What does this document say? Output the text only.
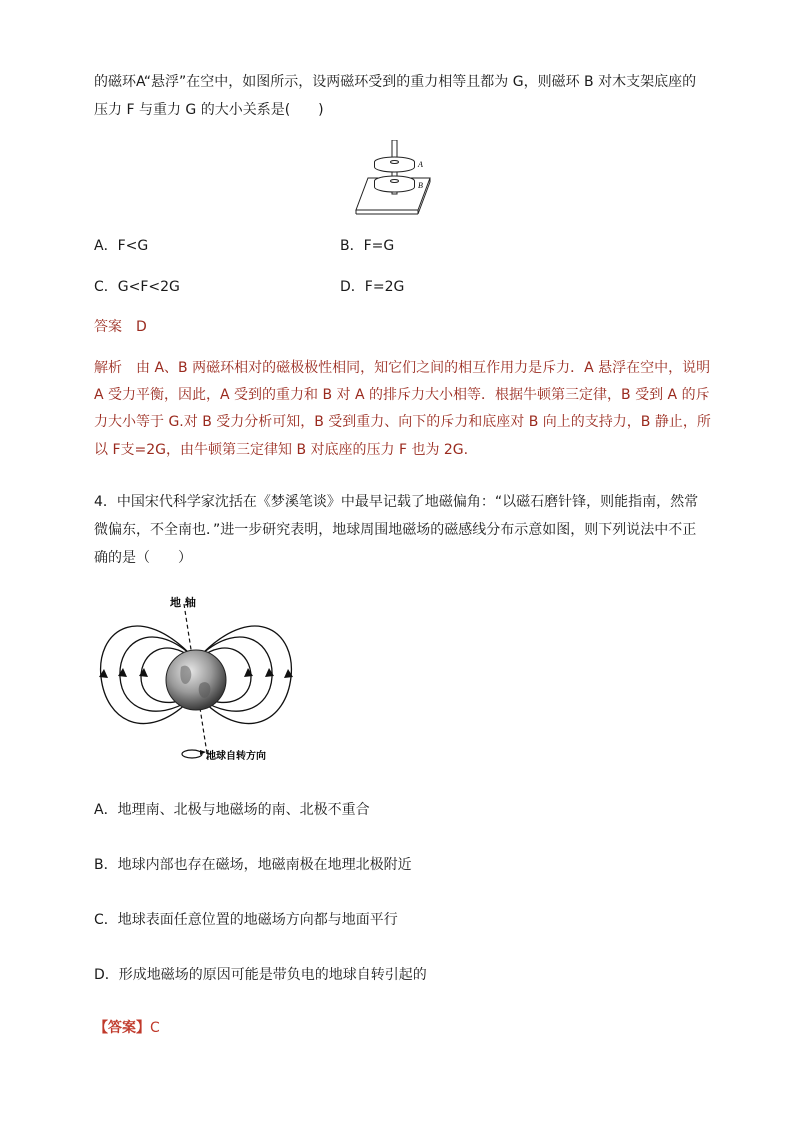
的磁环A“悬浮”在空中，如图所示，设两磁环受到的重力相等且都为 G，则磁环 B 对木支架底座的
压力 F 与重力 G 的大小关系是(　　)
A
B
A．F<G	B．F=G
C．G<F<2G	D．F=2G
答案　D
解析　由 A、B 两磁环相对的磁极极性相同，知它们之间的相互作用力是斥力．A 悬浮在空中，说明
A 受力平衡，因此，A 受到的重力和 B 对 A 的排斥力大小相等．根据牛顿第三定律，B 受到 A 的斥
力大小等于 G.对 B 受力分析可知，B 受到重力、向下的斥力和底座对 B 向上的支持力，B 静止，所
以 F支=2G，由牛顿第三定律知 B 对底座的压力 F 也为 2G.
4．中国宋代科学家沈括在《梦溪笔谈》中最早记载了地磁偏角：“以磁石磨针锋，则能指南，然常
微偏东，不全南也．”进一步研究表明，地球周围地磁场的磁感线分布示意如图，则下列说法中不正
确的是（　　）
地 轴
地球自转方向
A．地理南、北极与地磁场的南、北极不重合
B．地球内部也存在磁场，地磁南极在地理北极附近
C．地球表面任意位置的地磁场方向都与地面平行
D．形成地磁场的原因可能是带负电的地球自转引起的
【答案】C
